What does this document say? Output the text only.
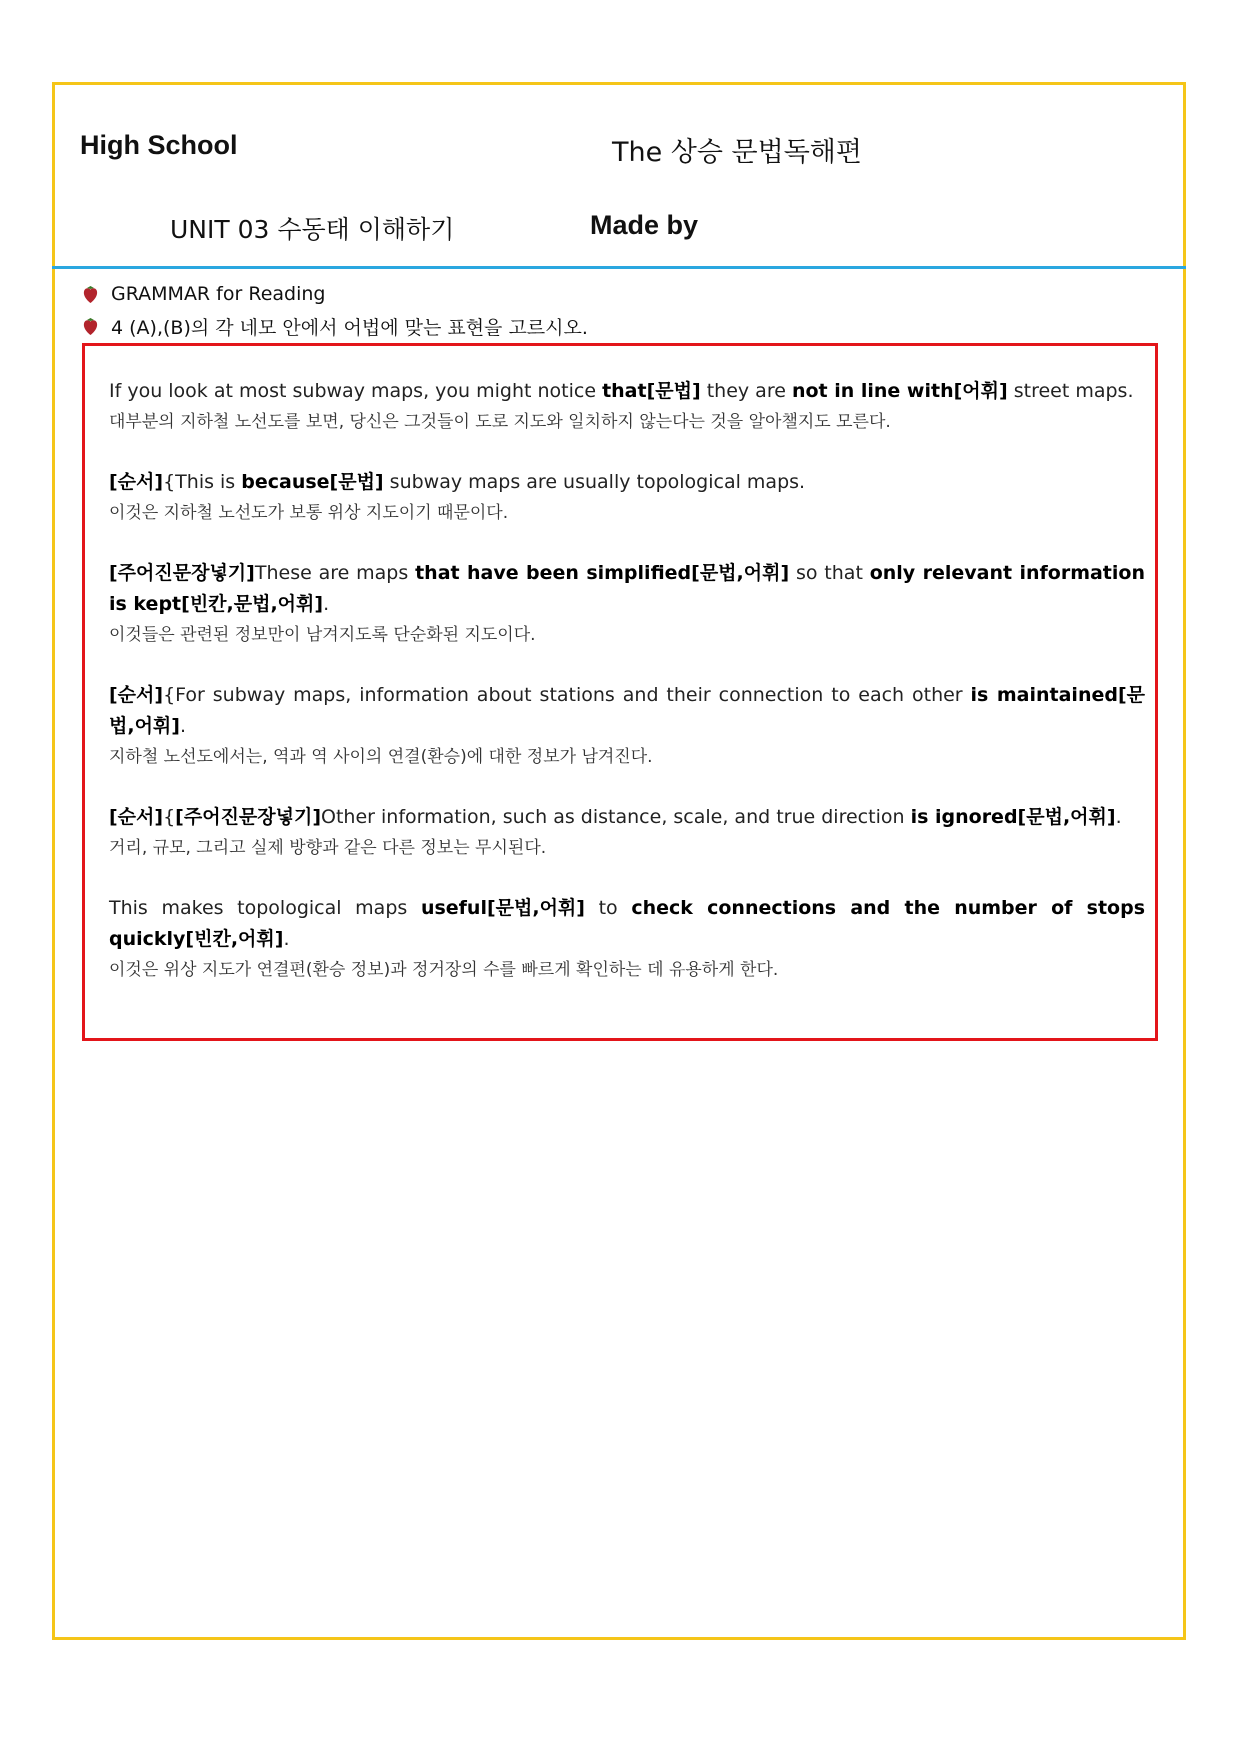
High School	The 상승 문법독해편
UNIT 03 수동태 이해하기	Made by
GRAMMAR for Reading
4 (A),(B)의 각 네모 안에서 어법에 맞는 표현을 고르시오.
If you look at most subway maps, you might notice that[문법] they are not in line with[어휘] street maps.
대부분의 지하철 노선도를 보면, 당신은 그것들이 도로 지도와 일치하지 않는다는 것을 알아챌지도 모른다.
[순서]{This is because[문법] subway maps are usually topological maps.
이것은 지하철 노선도가 보통 위상 지도이기 때문이다.
[주어진문장넣기]These are maps that have been simplified[문법,어휘] so that only relevant information is kept[빈칸,문법,어휘].
이것들은 관련된 정보만이 남겨지도록 단순화된 지도이다.
[순서]{For subway maps, information about stations and their connection to each other is maintained[문법,어휘].
지하철 노선도에서는, 역과 역 사이의 연결(환승)에 대한 정보가 남겨진다.
[순서]{[주어진문장넣기]Other information, such as distance, scale, and true direction is ignored[문법,어휘].
거리, 규모, 그리고 실제 방향과 같은 다른 정보는 무시된다.
This makes topological maps useful[문법,어휘] to check connections and the number of stops quickly[빈칸,어휘].
이것은 위상 지도가 연결편(환승 정보)과 정거장의 수를 빠르게 확인하는 데 유용하게 한다.
